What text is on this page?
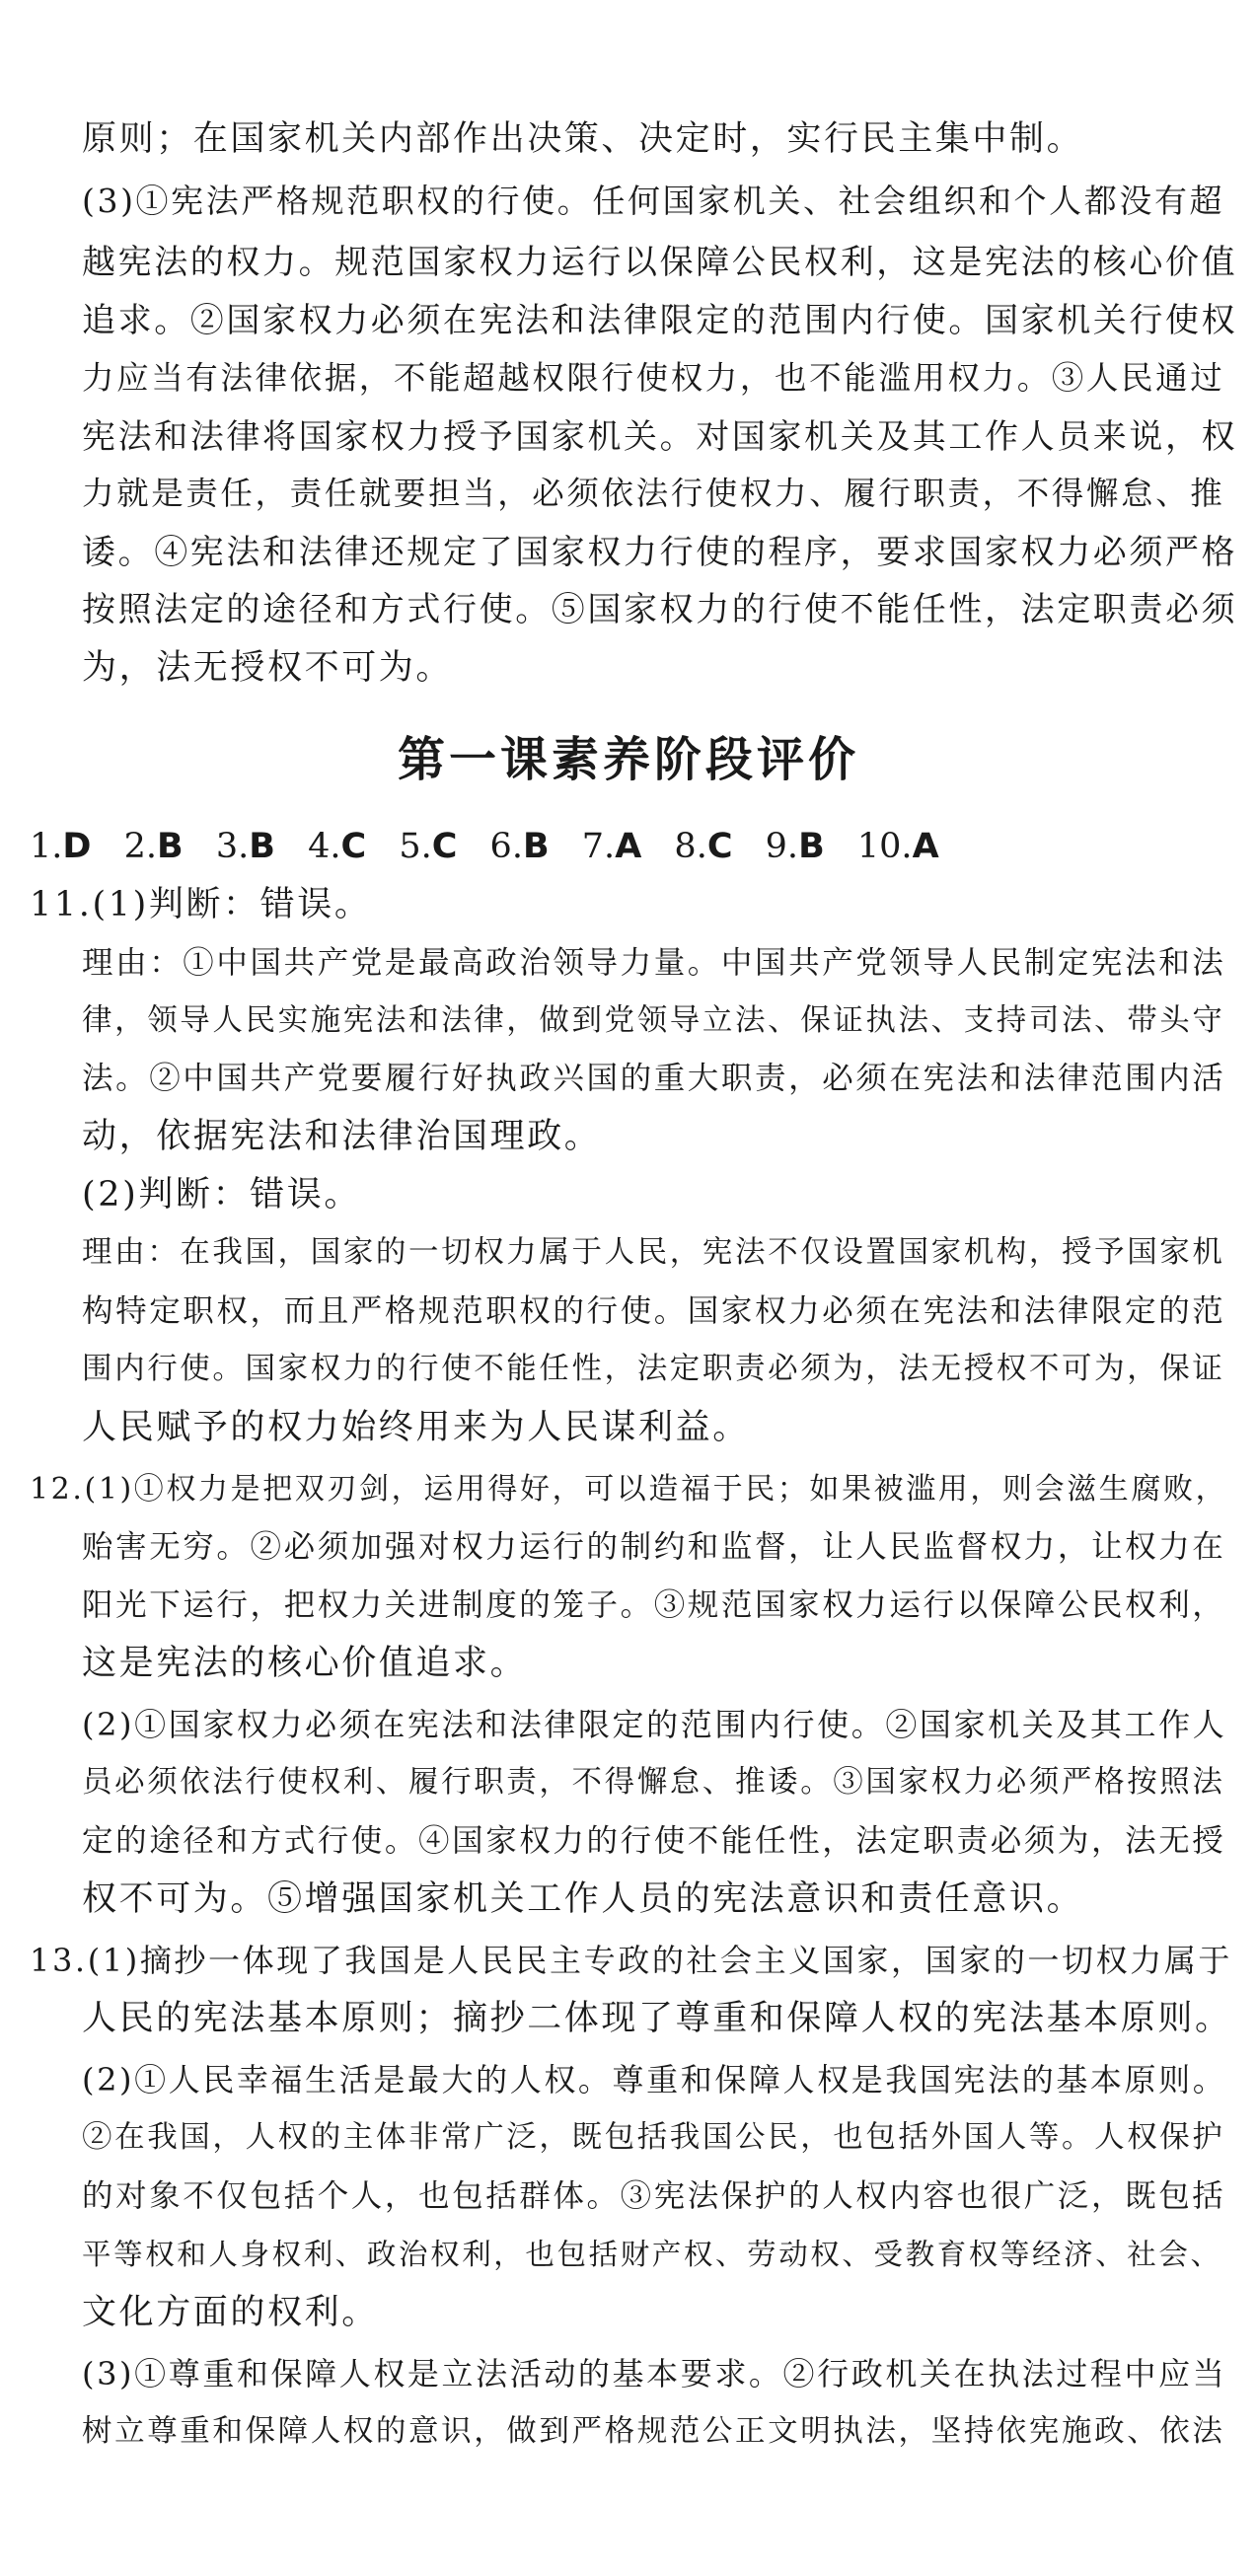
原则；在国家机关内部作出决策、决定时，实行民主集中制。
(3)①宪法严格规范职权的行使。任何国家机关、社会组织和个人都没有超
越宪法的权力。规范国家权力运行以保障公民权利，这是宪法的核心价值
追求。②国家权力必须在宪法和法律限定的范围内行使。国家机关行使权
力应当有法律依据，不能超越权限行使权力，也不能滥用权力。③人民通过
宪法和法律将国家权力授予国家机关。对国家机关及其工作人员来说，权
力就是责任，责任就要担当，必须依法行使权力、履行职责，不得懈怠、推
诿。④宪法和法律还规定了国家权力行使的程序，要求国家权力必须严格
按照法定的途径和方式行使。⑤国家权力的行使不能任性，法定职责必须
为，法无授权不可为。
第一课素养阶段评价
1.D 2.B 3.B 4.C 5.C 6.B 7.A 8.C 9.B 10.A
11.(1)判断：错误。
理由：①中国共产党是最高政治领导力量。中国共产党领导人民制定宪法和法
律，领导人民实施宪法和法律，做到党领导立法、保证执法、支持司法、带头守
法。②中国共产党要履行好执政兴国的重大职责，必须在宪法和法律范围内活
动，依据宪法和法律治国理政。
(2)判断：错误。
理由：在我国，国家的一切权力属于人民，宪法不仅设置国家机构，授予国家机
构特定职权，而且严格规范职权的行使。国家权力必须在宪法和法律限定的范
围内行使。国家权力的行使不能任性，法定职责必须为，法无授权不可为，保证
人民赋予的权力始终用来为人民谋利益。
12.(1)①权力是把双刃剑，运用得好，可以造福于民；如果被滥用，则会滋生腐败，
贻害无穷。②必须加强对权力运行的制约和监督，让人民监督权力，让权力在
阳光下运行，把权力关进制度的笼子。③规范国家权力运行以保障公民权利，
这是宪法的核心价值追求。
(2)①国家权力必须在宪法和法律限定的范围内行使。②国家机关及其工作人
员必须依法行使权利、履行职责，不得懈怠、推诿。③国家权力必须严格按照法
定的途径和方式行使。④国家权力的行使不能任性，法定职责必须为，法无授
权不可为。⑤增强国家机关工作人员的宪法意识和责任意识。
13.(1)摘抄一体现了我国是人民民主专政的社会主义国家，国家的一切权力属于
人民的宪法基本原则；摘抄二体现了尊重和保障人权的宪法基本原则。
(2)①人民幸福生活是最大的人权。尊重和保障人权是我国宪法的基本原则。
②在我国，人权的主体非常广泛，既包括我国公民，也包括外国人等。人权保护
的对象不仅包括个人，也包括群体。③宪法保护的人权内容也很广泛，既包括
平等权和人身权利、政治权利，也包括财产权、劳动权、受教育权等经济、社会、
文化方面的权利。
(3)①尊重和保障人权是立法活动的基本要求。②行政机关在执法过程中应当
树立尊重和保障人权的意识，做到严格规范公正文明执法，坚持依宪施政、依法
